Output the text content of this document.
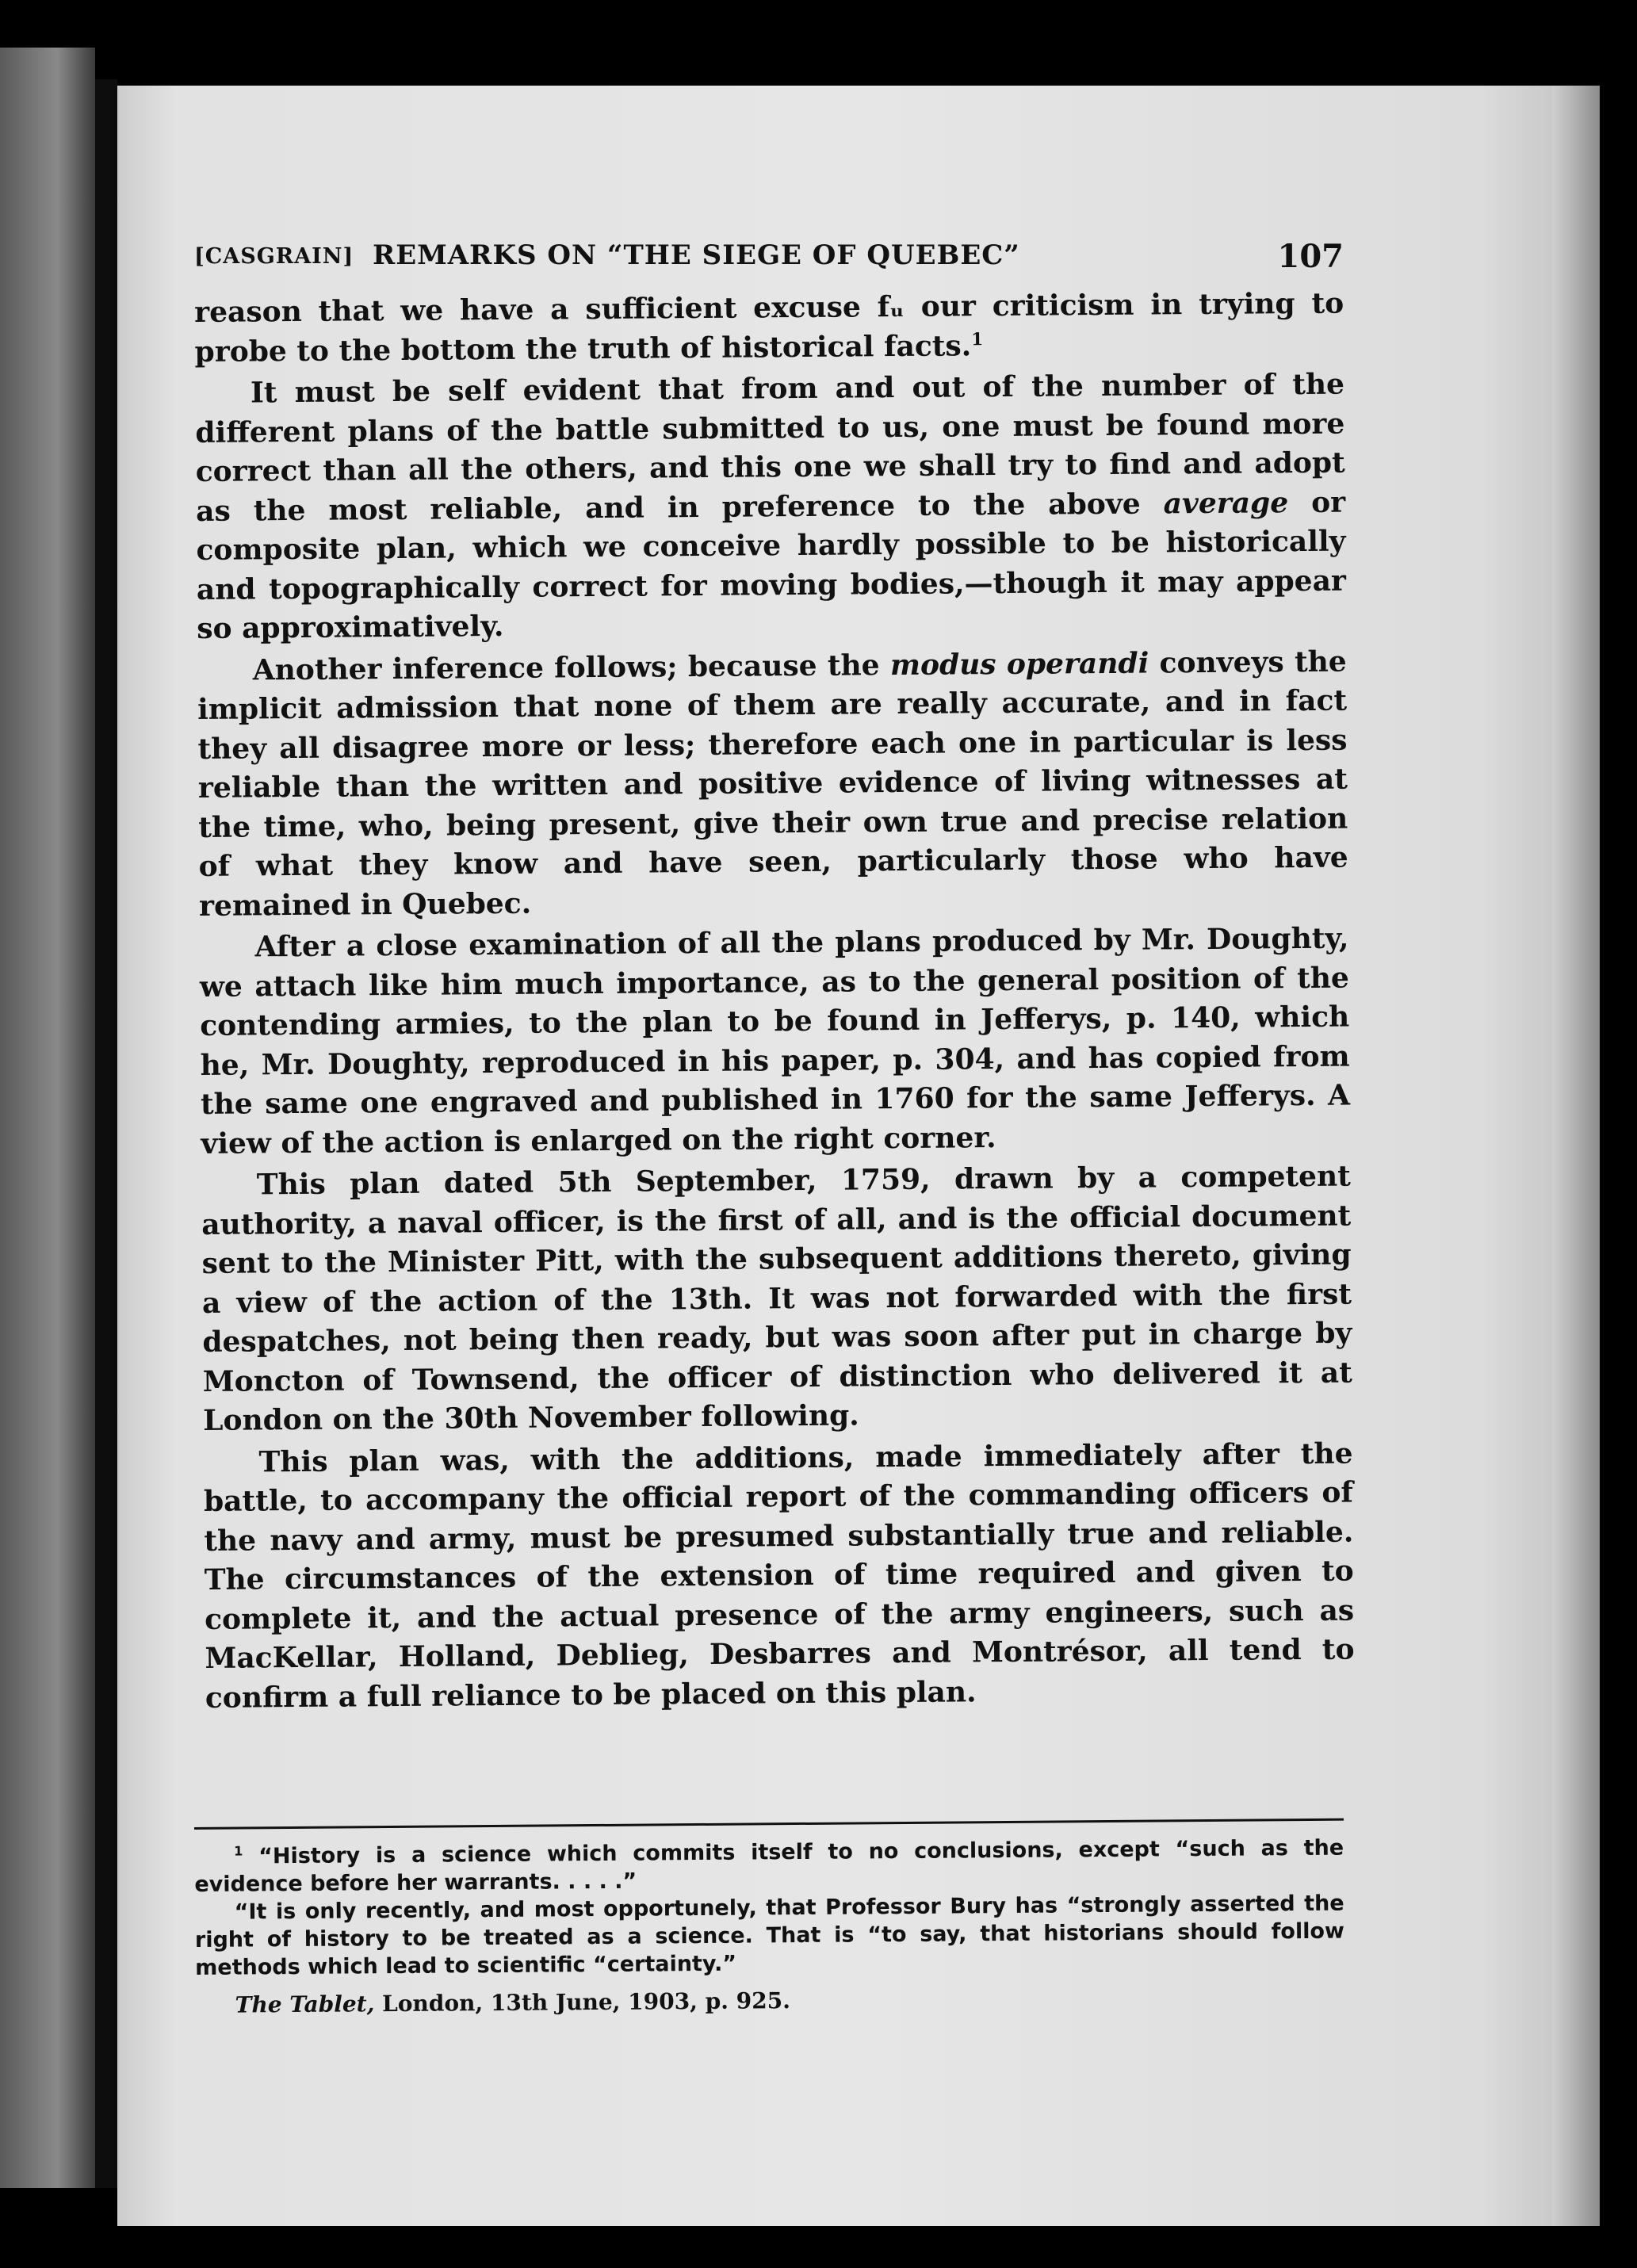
[CASGRAIN] REMARKS ON “THE SIEGE OF QUEBEC”	107

reason that we have a sufficient excuse fᵤ our criticism in trying to probe to the bottom the truth of historical facts.$^1$

It must be self evident that from and out of the number of the different plans of the battle submitted to us, one must be found more correct than all the others, and this one we shall try to find and adopt as the most reliable, and in preference to the above average or composite plan, which we conceive hardly possible to be historically and topographically correct for moving bodies,—though it may appear so approximatively.

Another inference follows; because the modus operandi conveys the implicit admission that none of them are really accurate, and in fact they all disagree more or less; therefore each one in particular is less reliable than the written and positive evidence of living witnesses at the time, who, being present, give their own true and precise relation of what they know and have seen, particularly those who have remained in Quebec.

After a close examination of all the plans produced by Mr. Doughty, we attach like him much importance, as to the general position of the contending armies, to the plan to be found in Jefferys, p. 140, which he, Mr. Doughty, reproduced in his paper, p. 304, and has copied from the same one engraved and published in 1760 for the same Jefferys. A view of the action is enlarged on the right corner.

This plan dated 5th September, 1759, drawn by a competent authority, a naval officer, is the first of all, and is the official document sent to the Minister Pitt, with the subsequent additions thereto, giving a view of the action of the 13th. It was not forwarded with the first despatches, not being then ready, but was soon after put in charge by Moncton of Townsend, the officer of distinction who delivered it at London on the 30th November following.

This plan was, with the additions, made immediately after the battle, to accompany the official report of the commanding officers of the navy and army, must be presumed substantially true and reliable. The circumstances of the extension of time required and given to complete it, and the actual presence of the army engineers, such as MacKellar, Holland, Deblieg, Desbarres and Montrésor, all tend to confirm a full reliance to be placed on this plan.

$^1$ “History is a science which commits itself to no conclusions, except “such as the evidence before her warrants. . . . .”

“It is only recently, and most opportunely, that Professor Bury has “strongly asserted the right of history to be treated as a science. That is “to say, that historians should follow methods which lead to scientific “certainty.”

The Tablet, London, 13th June, 1903, p. 925.
